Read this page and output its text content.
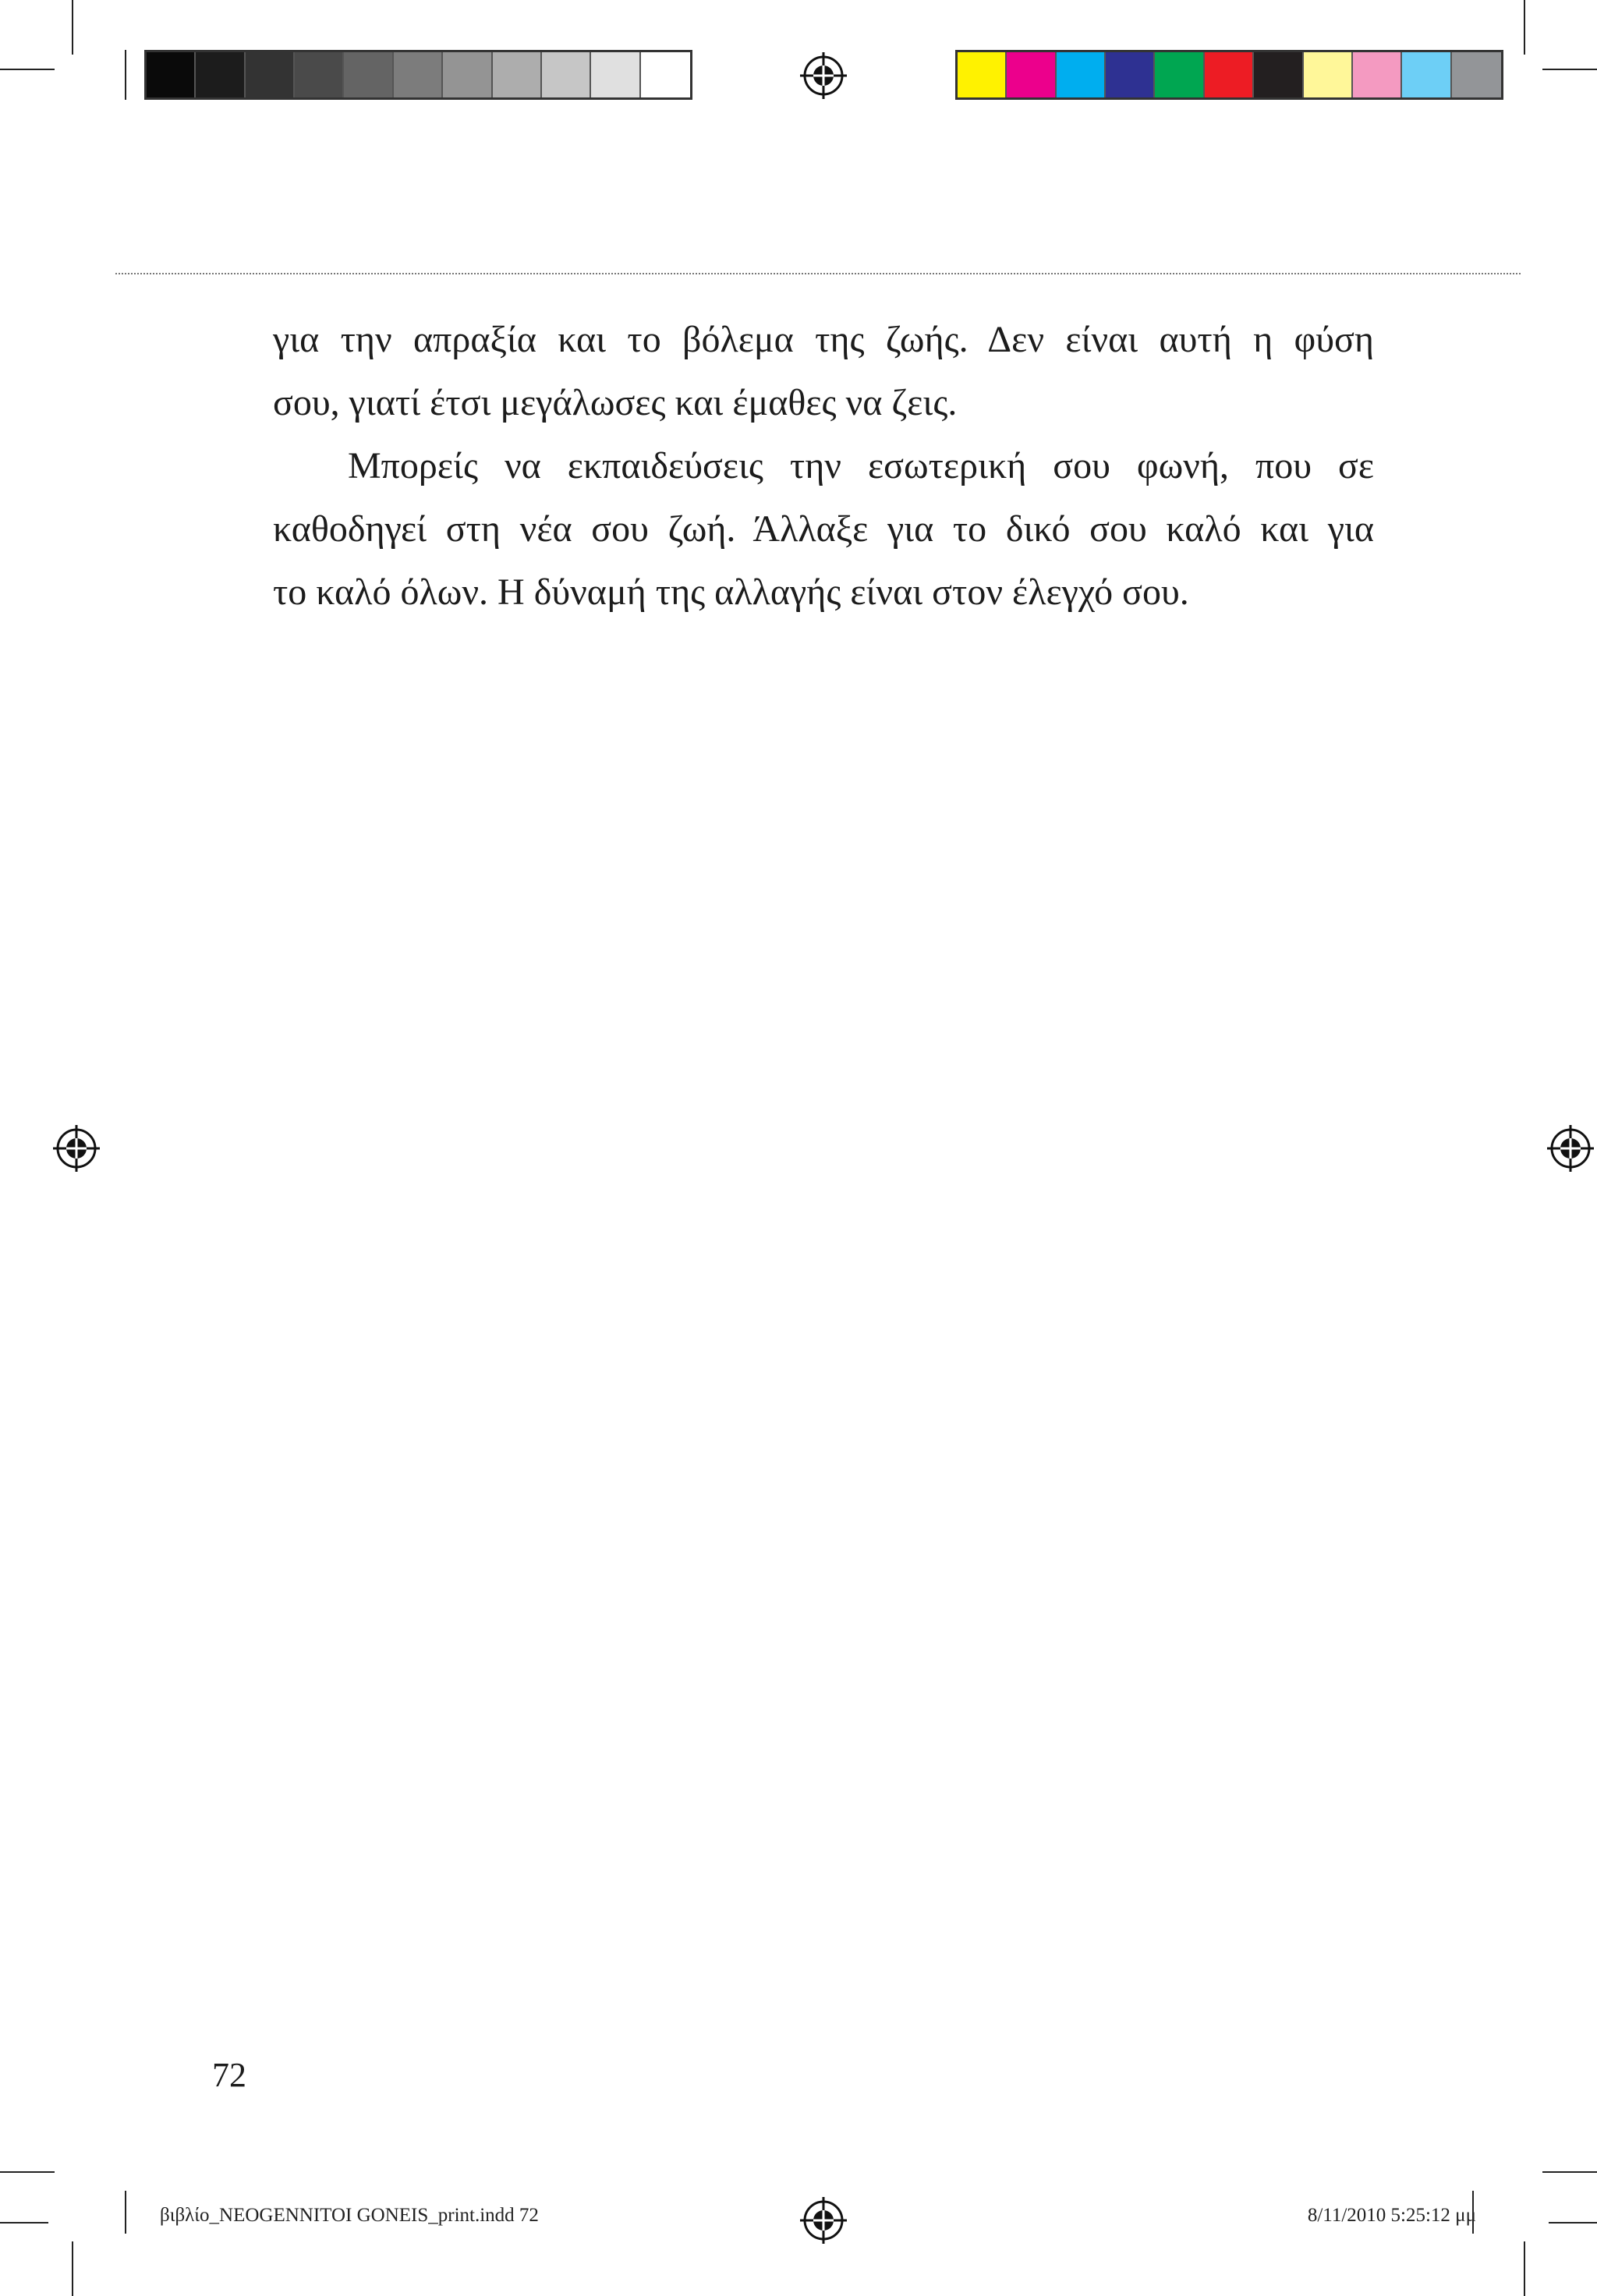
για την απραξία και το βόλεμα της ζωής. Δεν είναι αυτή η φύση

σου, γιατί έτσι μεγάλωσες και έμαθες να ζεις.

Μπορείς να εκπαιδεύσεις την εσωτερική σου φωνή, που σε

καθοδηγεί στη νέα σου ζωή. Άλλαξε για το δικό σου καλό και για

το καλό όλων. Η δύναμή της αλλαγής είναι στον έλεγχό σου.

72
βιβλίο_NEOGENNITOI GONEIS_print.indd 72	8/11/2010 5:25:12 μμ
